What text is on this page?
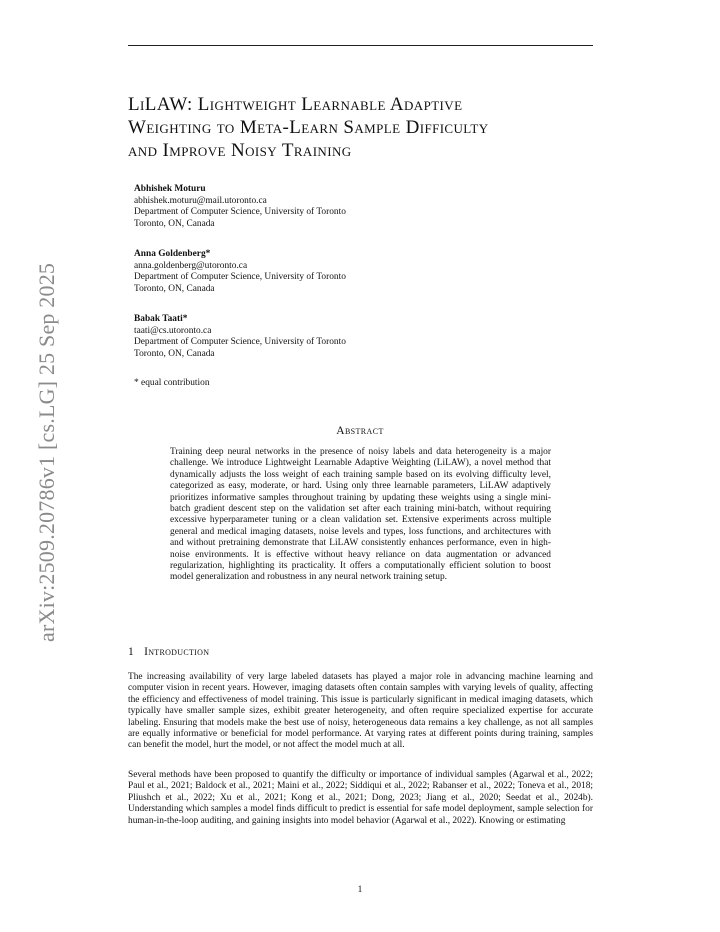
arXiv:2509.20786v1 [cs.LG] 25 Sep 2025
LiLAW: Lightweight Learnable Adaptive
Weighting to Meta-Learn Sample Difficulty
and Improve Noisy Training
Abhishek Moturu
abhishek.moturu@mail.utoronto.ca
Department of Computer Science, University of Toronto
Toronto, ON, Canada
Anna Goldenberg*
anna.goldenberg@utoronto.ca
Department of Computer Science, University of Toronto
Toronto, ON, Canada
Babak Taati*
taati@cs.utoronto.ca
Department of Computer Science, University of Toronto
Toronto, ON, Canada
* equal contribution
Abstract

Training deep neural networks in the presence of noisy labels and data heterogeneity is a major challenge. We introduce Lightweight Learnable Adaptive Weighting (LiLAW), a novel method that dynamically adjusts the loss weight of each training sample based on its evolving difficulty level, categorized as easy, moderate, or hard. Using only three learnable parameters, LiLAW adaptively prioritizes informative samples throughout training by updating these weights using a single mini-batch gradient descent step on the validation set after each training mini-batch, without requiring excessive hyperparameter tuning or a clean validation set. Extensive experiments across multiple general and medical imaging datasets, noise levels and types, loss functions, and architectures with and without pretraining demonstrate that LiLAW consistently enhances performance, even in high-noise environments. It is effective without heavy reliance on data augmentation or advanced regularization, highlighting its practicality. It offers a computationally efficient solution to boost model generalization and robustness in any neural network training setup.

1 Introduction

The increasing availability of very large labeled datasets has played a major role in advancing machine learning and computer vision in recent years. However, imaging datasets often contain samples with varying levels of quality, affecting the efficiency and effectiveness of model training. This issue is particularly significant in medical imaging datasets, which typically have smaller sample sizes, exhibit greater heterogeneity, and often require specialized expertise for accurate labeling. Ensuring that models make the best use of noisy, heterogeneous data remains a key challenge, as not all samples are equally informative or beneficial for model performance. At varying rates at different points during training, samples can benefit the model, hurt the model, or not affect the model much at all.

Several methods have been proposed to quantify the difficulty or importance of individual samples (Agarwal et al., 2022; Paul et al., 2021; Baldock et al., 2021; Maini et al., 2022; Siddiqui et al., 2022; Rabanser et al., 2022; Toneva et al., 2018; Pliushch et al., 2022; Xu et al., 2021; Kong et al., 2021; Dong, 2023; Jiang et al., 2020; Seedat et al., 2024b). Understanding which samples a model finds difficult to predict is essential for safe model deployment, sample selection for human-in-the-loop auditing, and gaining insights into model behavior (Agarwal et al., 2022). Knowing or estimating

1
